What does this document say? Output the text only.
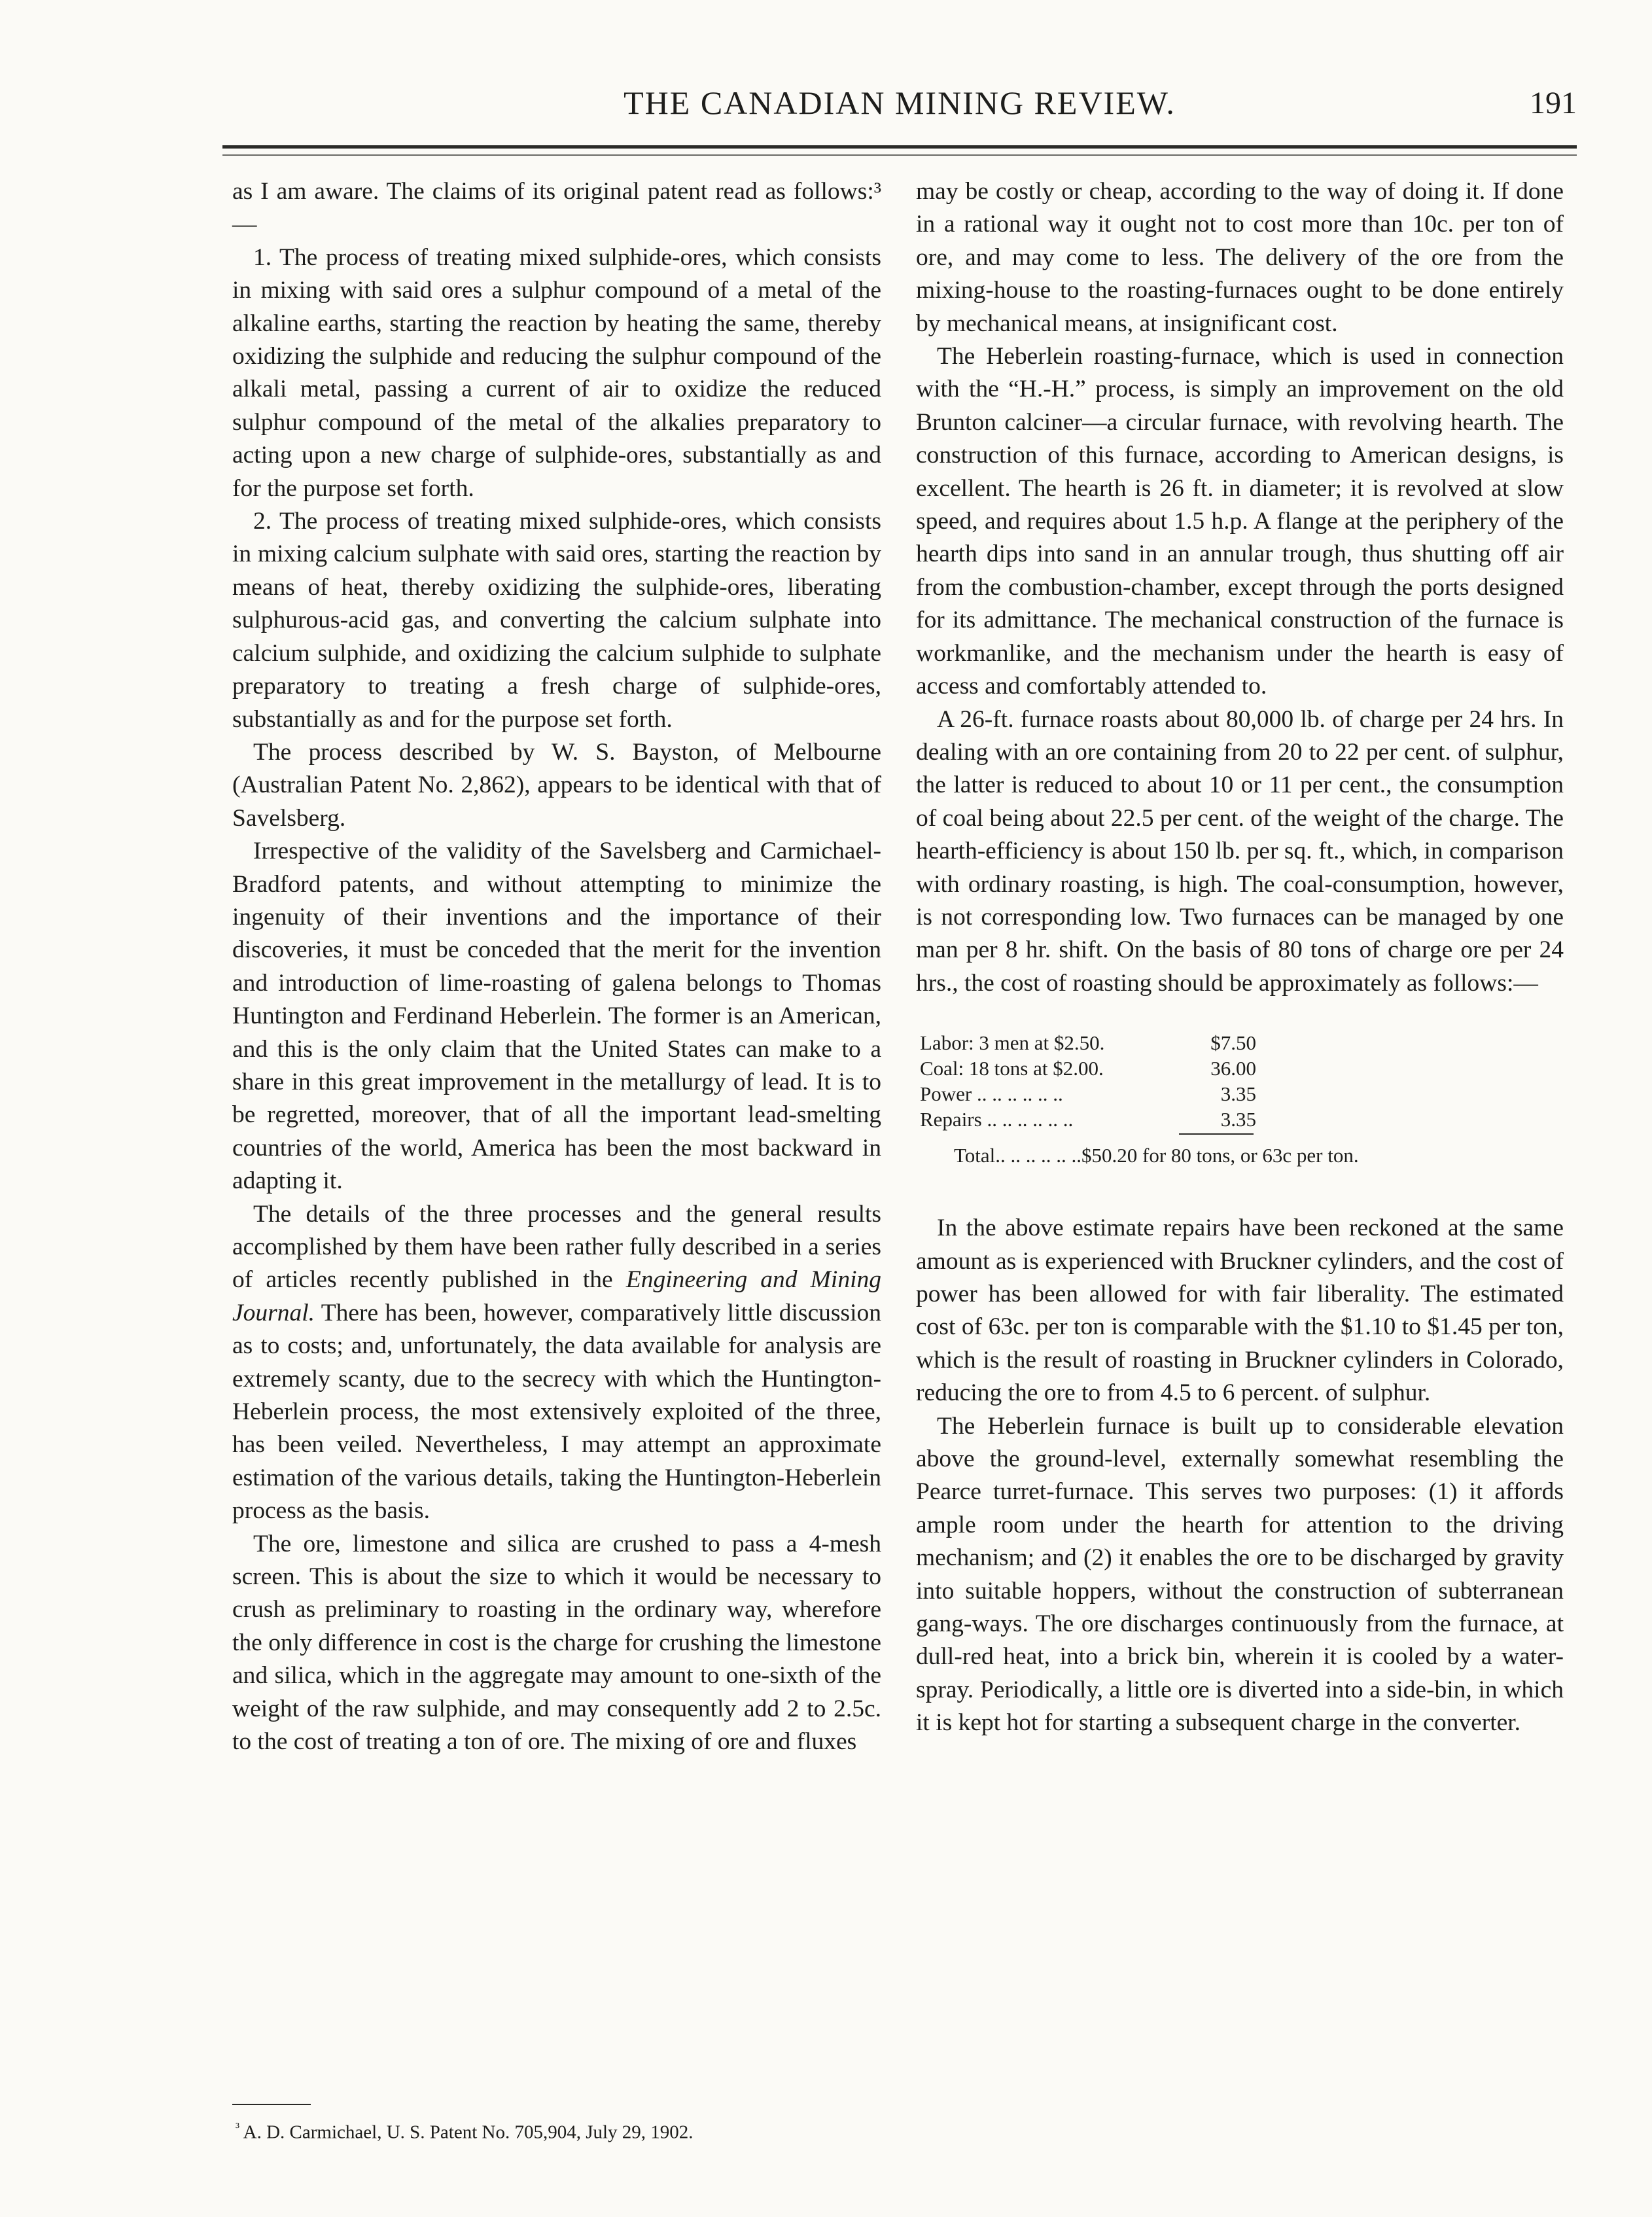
THE CANADIAN MINING REVIEW.	191

as I am aware. The claims of its original patent read as follows:³—

1. The process of treating mixed sulphide-ores, which consists in mixing with said ores a sulphur compound of a metal of the alkaline earths, starting the reaction by heating the same, thereby oxidizing the sulphide and reducing the sulphur compound of the alkali metal, passing a current of air to oxidize the reduced sulphur compound of the metal of the alkalies preparatory to acting upon a new charge of sulphide-ores, substantially as and for the purpose set forth.

2. The process of treating mixed sulphide-ores, which consists in mixing calcium sulphate with said ores, starting the reaction by means of heat, thereby oxidizing the sulphide-ores, liberating sulphurous-acid gas, and converting the calcium sulphate into calcium sulphide, and oxidizing the calcium sulphide to sulphate preparatory to treating a fresh charge of sulphide-ores, substantially as and for the purpose set forth.

The process described by W. S. Bayston, of Melbourne (Australian Patent No. 2,862), appears to be identical with that of Savelsberg.

Irrespective of the validity of the Savelsberg and Carmichael-Bradford patents, and without attempting to minimize the ingenuity of their inventions and the importance of their discoveries, it must be conceded that the merit for the invention and introduction of lime-roasting of galena belongs to Thomas Huntington and Ferdinand Heberlein. The former is an American, and this is the only claim that the United States can make to a share in this great improvement in the metallurgy of lead. It is to be regretted, moreover, that of all the important lead-smelting countries of the world, America has been the most backward in adapting it.

The details of the three processes and the general results accomplished by them have been rather fully described in a series of articles recently published in the Engineering and Mining Journal. There has been, however, comparatively little discussion as to costs; and, unfortunately, the data available for analysis are extremely scanty, due to the secrecy with which the Huntington-Heberlein process, the most extensively exploited of the three, has been veiled. Nevertheless, I may attempt an approximate estimation of the various details, taking the Huntington-Heberlein process as the basis.

The ore, limestone and silica are crushed to pass a 4-mesh screen. This is about the size to which it would be necessary to crush as preliminary to roasting in the ordinary way, wherefore the only difference in cost is the charge for crushing the limestone and silica, which in the aggregate may amount to one-sixth of the weight of the raw sulphide, and may consequently add 2 to 2.5c. to the cost of treating a ton of ore. The mixing of ore and fluxes

may be costly or cheap, according to the way of doing it. If done in a rational way it ought not to cost more than 10c. per ton of ore, and may come to less. The delivery of the ore from the mixing-house to the roasting-furnaces ought to be done entirely by mechanical means, at insignificant cost.

The Heberlein roasting-furnace, which is used in connection with the “H.-H.” process, is simply an improvement on the old Brunton calciner—a circular furnace, with revolving hearth. The construction of this furnace, according to American designs, is excellent. The hearth is 26 ft. in diameter; it is revolved at slow speed, and requires about 1.5 h.p. A flange at the periphery of the hearth dips into sand in an annular trough, thus shutting off air from the combustion-chamber, except through the ports designed for its admittance. The mechanical construction of the furnace is workmanlike, and the mechanism under the hearth is easy of access and comfortably attended to.

A 26-ft. furnace roasts about 80,000 lb. of charge per 24 hrs. In dealing with an ore containing from 20 to 22 per cent. of sulphur, the latter is reduced to about 10 or 11 per cent., the consumption of coal being about 22.5 per cent. of the weight of the charge. The hearth-efficiency is about 150 lb. per sq. ft., which, in comparison with ordinary roasting, is high. The coal-consumption, however, is not corresponding low. Two furnaces can be managed by one man per 8 hr. shift. On the basis of 80 tons of charge ore per 24 hrs., the cost of roasting should be approximately as follows:—

Labor: 3 men at $2.50.	$7.50
Coal: 18 tons at $2.00.	36.00
Power .. .. .. .. .. ..	3.35
Repairs .. .. .. .. .. ..	3.35
Total.. .. .. .. .. ..$50.20 for 80 tons, or 63c per ton.

In the above estimate repairs have been reckoned at the same amount as is experienced with Bruckner cylinders, and the cost of power has been allowed for with fair liberality. The estimated cost of 63c. per ton is comparable with the $1.10 to $1.45 per ton, which is the result of roasting in Bruckner cylinders in Colorado, reducing the ore to from 4.5 to 6 percent. of sulphur.

The Heberlein furnace is built up to considerable elevation above the ground-level, externally somewhat resembling the Pearce turret-furnace. This serves two purposes: (1) it affords ample room under the hearth for attention to the driving mechanism; and (2) it enables the ore to be discharged by gravity into suitable hoppers, without the construction of subterranean gang-ways. The ore discharges continuously from the furnace, at dull-red heat, into a brick bin, wherein it is cooled by a water-spray. Periodically, a little ore is diverted into a side-bin, in which it is kept hot for starting a subsequent charge in the converter.

$^{^3}$ A. D. Carmichael, U. S. Patent No. 705,904, July 29, 1902.
